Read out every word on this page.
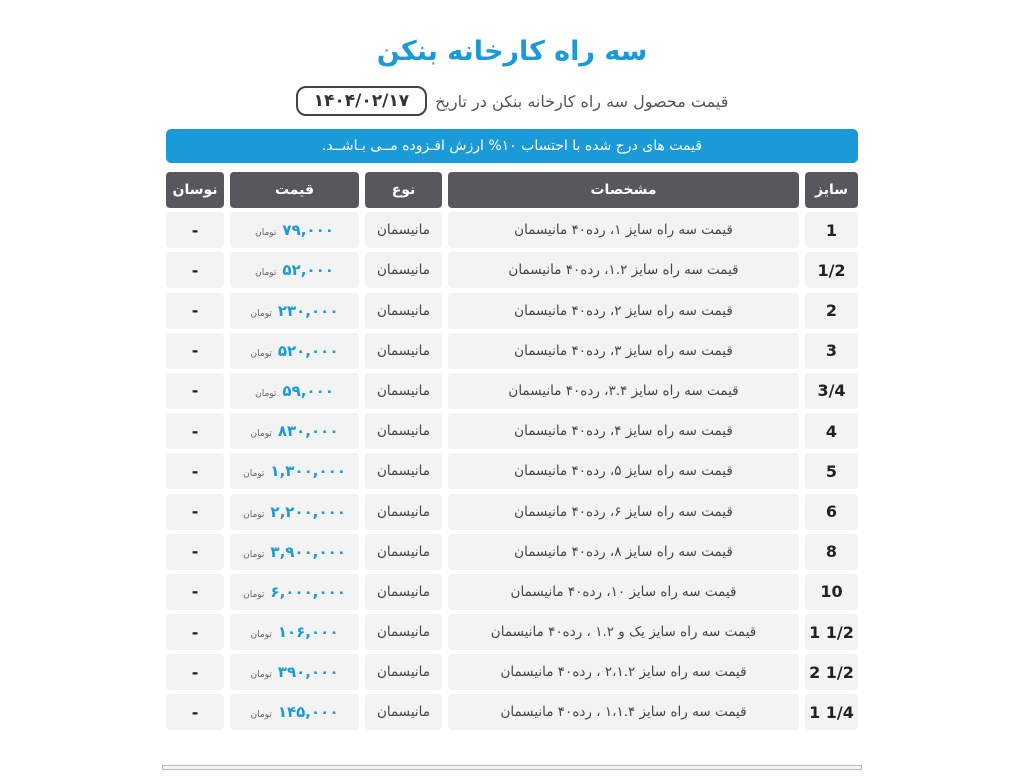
سه راه کارخانه بنکن
قیمت محصول سه راه کارخانه بنکن در تاریخ
۱۴۰۴/۰۲/۱۷
قیمت های درج شده با احتساب ۱۰% ارزش افـزوده مــی بـاشــد.
سایز
مشخصات
نوع
قیمت
نوسان
1
قیمت سه راه سایز ۱، رده۴۰ مانیسمان
مانیسمان
۷۹,۰۰۰
تومان
-
1/2
قیمت سه راه سایز ۱.۲، رده۴۰ مانیسمان
مانیسمان
۵۲,۰۰۰
تومان
-
2
قیمت سه راه سایز ۲، رده۴۰ مانیسمان
مانیسمان
۲۳۰,۰۰۰
تومان
-
3
قیمت سه راه سایز ۳، رده۴۰ مانیسمان
مانیسمان
۵۲۰,۰۰۰
تومان
-
3/4
قیمت سه راه سایز ۳.۴، رده۴۰ مانیسمان
مانیسمان
۵۹,۰۰۰
تومان
-
4
قیمت سه راه سایز ۴، رده۴۰ مانیسمان
مانیسمان
۸۳۰,۰۰۰
تومان
-
5
قیمت سه راه سایز ۵، رده۴۰ مانیسمان
مانیسمان
۱,۳۰۰,۰۰۰
تومان
-
6
قیمت سه راه سایز ۶، رده۴۰ مانیسمان
مانیسمان
۲,۲۰۰,۰۰۰
تومان
-
8
قیمت سه راه سایز ۸، رده۴۰ مانیسمان
مانیسمان
۳,۹۰۰,۰۰۰
تومان
-
10
قیمت سه راه سایز ۱۰، رده۴۰ مانیسمان
مانیسمان
۶,۰۰۰,۰۰۰
تومان
-
1 1/2
قیمت سه راه سایز یک و ۱.۲ ، رده۴۰ مانیسمان
مانیسمان
۱۰۶,۰۰۰
تومان
-
2 1/2
قیمت سه راه سایز ۲،۱.۲ ، رده۴۰ مانیسمان
مانیسمان
۳۹۰,۰۰۰
تومان
-
1 1/4
قیمت سه راه سایز ۱،۱.۴ ، رده۴۰ مانیسمان
مانیسمان
۱۴۵,۰۰۰
تومان
-
